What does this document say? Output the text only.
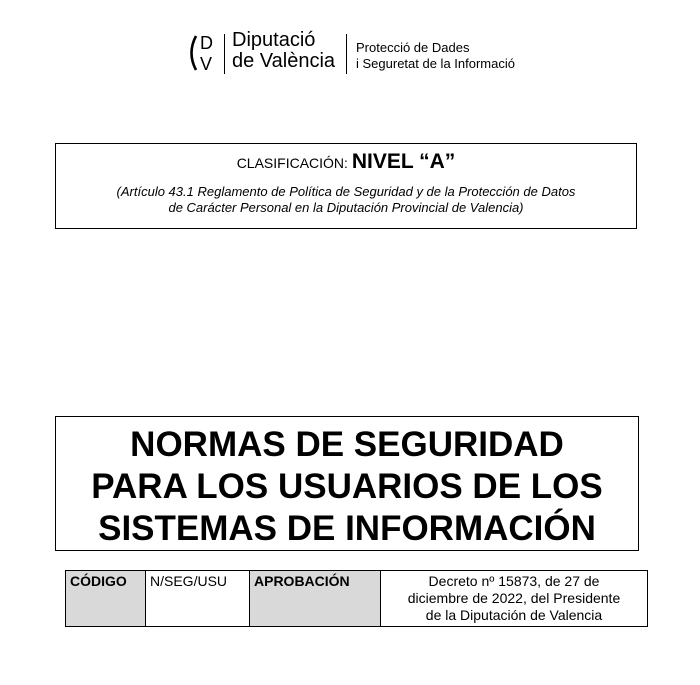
D
V
Diputació
de València
Protecció de Dades
i Seguretat de la Informació
CLASIFICACIÓN: NIVEL “A”
(Artículo 43.1 Reglamento de Política de Seguridad y de la Protección de Datos
de Carácter Personal en la Diputación Provincial de Valencia)
NORMAS DE SEGURIDAD
PARA LOS USUARIOS DE LOS
SISTEMAS DE INFORMACIÓN
CÓDIGO	N/SEG/USU	APROBACIÓN	Decreto nº 15873, de 27 de
diciembre de 2022, del Presidente
de la Diputación de Valencia
